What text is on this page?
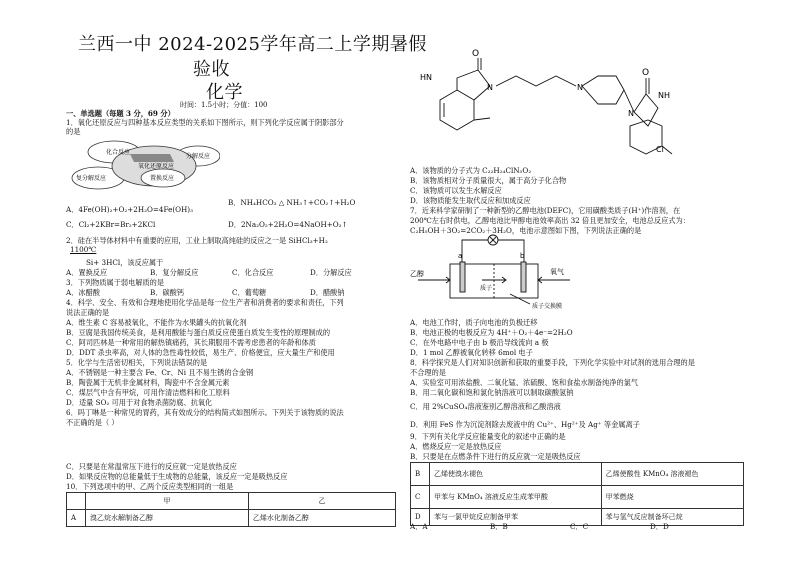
兰西一中 2024-2025学年高二上学期暑假
验收
化学
时间：1.5小时；分值：100
一、单选题（每题 3 分，69 分）
1．氧化还原反应与四种基本反应类型的关系如下图所示，则下列化学反应属于阴影部分
的是
化合反应
分解反应
氧化还原反应
复分解反应	置换反应
A．4Fe(OH)₂+O₂+2H₂O=4Fe(OH)₃
B．NH₄HCO₃ △ NH₃↑+CO₂↑+H₂O
C．Cl₂+2KBr=Br₂+2KCl	D．2Na₂O₂+2H₂O=4NaOH+O₂↑
2．硅在半导体材料中有重要的应用，工业上制取高纯硅的反应之一是 SiHCl₃+H₂
1100℃
Si+ 3HCl，该反应属于
A．置换反应	B．复分解反应	C．化合反应	D．分解反应
3．下列物质属于弱电解质的是
A．冰醋酸	B．碳酸钙	C．葡萄糖	D．醋酸钠
4．科学、安全、有效和合理地使用化学品是每一位生产者和消费者的要求和责任，下列
说法正确的是
A．维生素 C 容易被氧化，不能作为水果罐头的抗氧化剂
B．豆腐是我国传统美食，是利用酸能与蛋白质反应使蛋白质发生变性的原理制成的
C．阿司匹林是一种常用的解热镇痛药，其长期服用不需考虑患者的年龄和体质
D．DDT 杀虫率高，对人体的急性毒性较低，易生产、价格便宜，应大量生产和使用
5．化学与生活密切相关，下列说法错误的是
A．不锈钢是一种主要含 Fe、Cr、Ni 且不易生锈的合金钢
B．陶瓷属于无机非金属材料，陶瓷中不含金属元素
C．煤层气中含有甲烷，可用作清洁燃料和化工原料
D．适量 SO₂ 可用于对食物杀菌防腐、抗氧化
6．吗丁啉是一种常见的胃药，其有效成分的结构简式如图所示。下列关于该物质的说法
不正确的是（ ）
C．只要是在常温常压下进行的反应就一定是放热反应
D．如果反应物的总能量低于生成物的总能量，该反应一定是吸热反应
10．下列选项中的甲、乙两个反应类型相同的一组是
	甲	乙
A	溴乙烷水解制备乙醇	乙烯水化制备乙醇
O
O
HN
N	N
N
NH
Cl
A．该物质的分子式为 C₂₂H₂₄ClN₅O₂
B．该物质相对分子质量很大，属于高分子化合物
C．该物质可以发生水解反应
D．该物质能发生取代反应和加成反应
7．近来科学家研制了一种新型的乙醇电池(DEFC)，它用磺酸类质子(H⁺)作溶剂，在
200℃左右时供电，乙醇电池比甲醇电池效率高出 32 倍且更加安全，电池总反应式为：
C₂H₅OH＋3O₂=2CO₂＋3H₂O，电池示意图如下图，下列说法正确的是
a	b
乙醇	氧气
质子
质子交换膜
A．电池工作时，质子向电池的负极迁移
B．电池正极的电极反应为 4H⁺＋O₂＋4e⁻=2H₂O
C．在外电路中电子由 b 极沿导线流向 a 极
D．1 mol 乙醇被氧化转移 6mol 电子
8．科学探究是人们对知识创新和获取的重要手段，下列化学实验中对试剂的选用合理的是
不合理的是
A．实验室可用浓盐酸、二氧化锰、浓硫酸、饱和食盐水制备纯净的氯气
B．用二氧化碳和饱和氯化钠溶液可以制取碳酸氢钠
C．用 2%CuSO₄溶液鉴别乙醇溶液和乙酸溶液
D．利用 FeS 作为沉淀剂除去废液中的 Cu²⁺、Hg²⁺及 Ag⁺ 等金属离子
9．下列有关化学反应能量变化的叙述中正确的是
A．燃烧反应一定是放热反应
B．只要是在点燃条件下进行的反应就一定是吸热反应
B	乙烯使溴水褪色	乙烯使酸性 KMnO₄ 溶液褪色
C	甲苯与 KMnO₄ 溶液反应生成苯甲酸	甲苯燃烧
D	苯与一氯甲烷反应制备甲苯	苯与氢气反应制备环己烷
A．A	B．B	C．C	D．D
